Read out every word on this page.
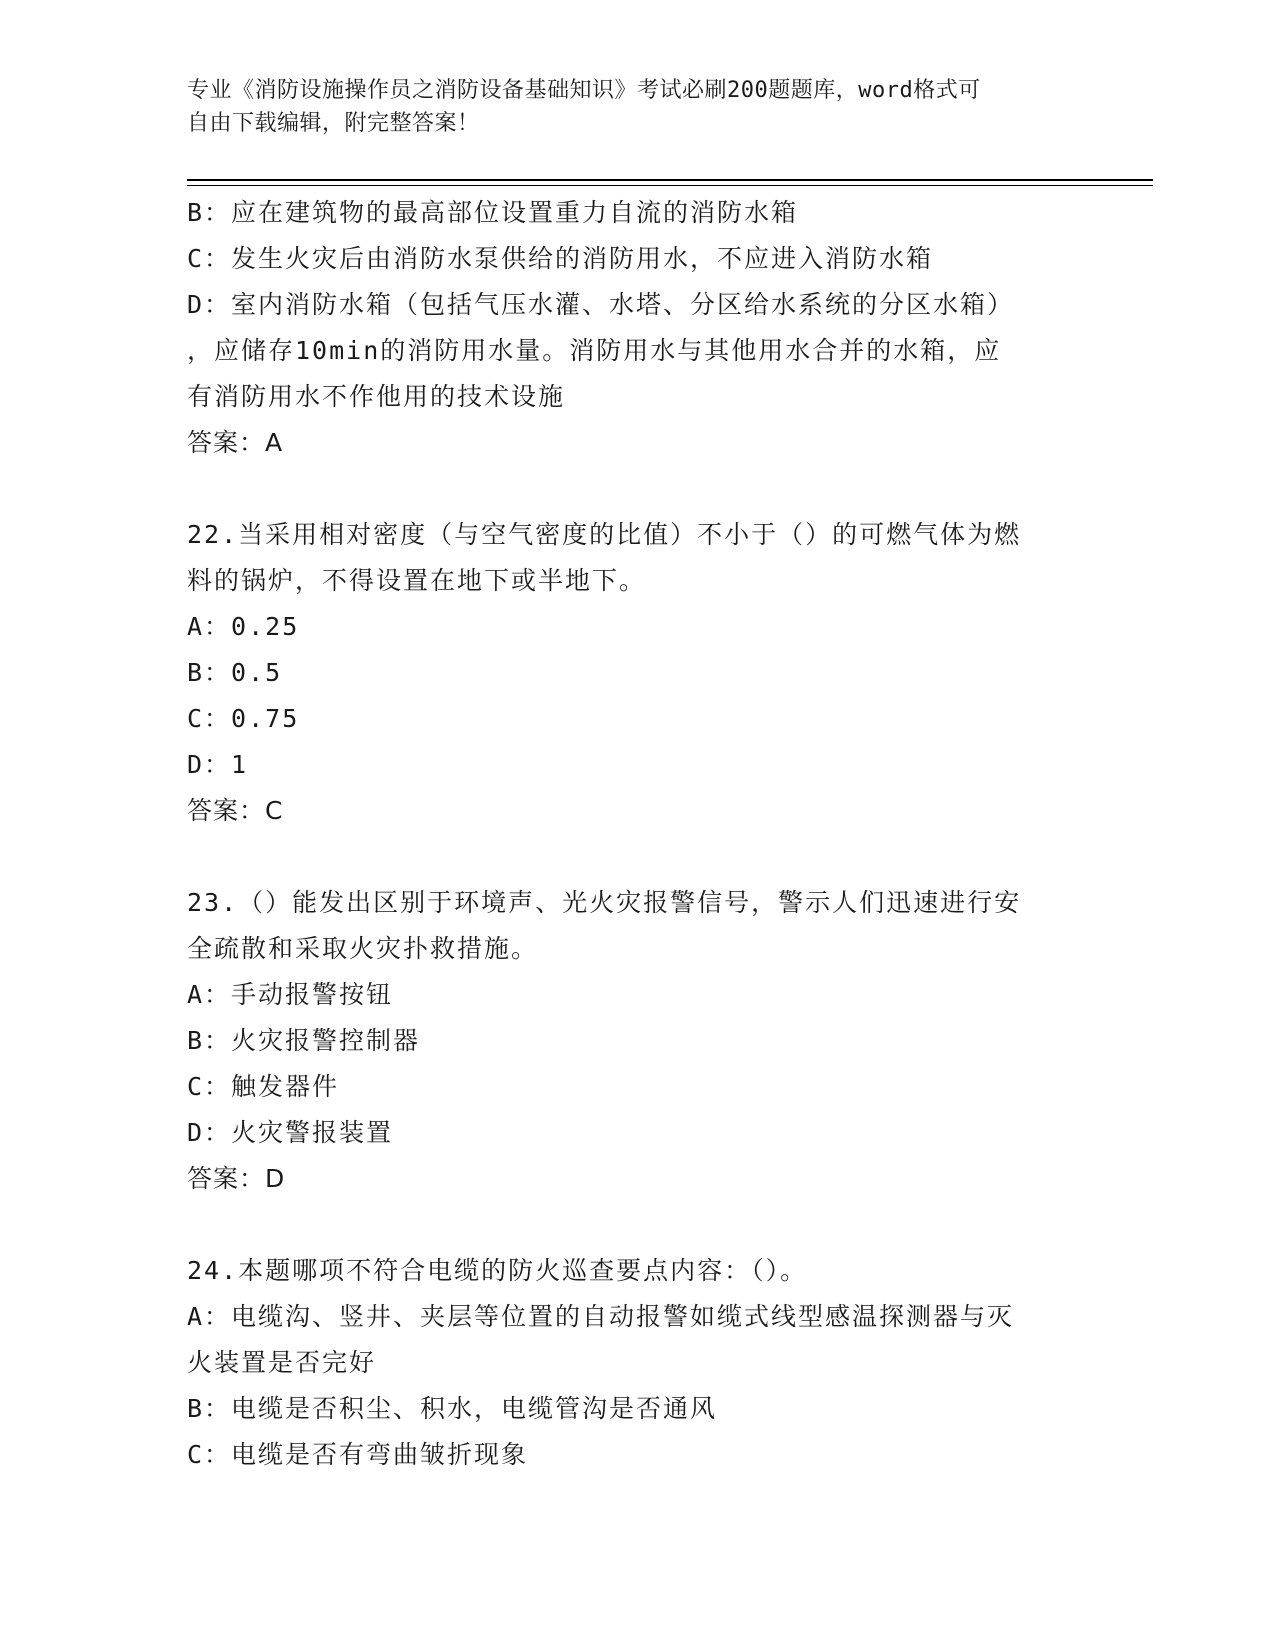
专业《消防设施操作员之消防设备基础知识》考试必刷200题题库，word格式可
自由下载编辑，附完整答案！
B：应在建筑物的最高部位设置重力自流的消防水箱
C：发生火灾后由消防水泵供给的消防用水，不应进入消防水箱
D：室内消防水箱（包括气压水灌、水塔、分区给水系统的分区水箱）
，应储存10min的消防用水量。消防用水与其他用水合并的水箱，应
有消防用水不作他用的技术设施
答案：A
22.当采用相对密度（与空气密度的比值）不小于（）的可燃气体为燃
料的锅炉，不得设置在地下或半地下。
A：0.25
B：0.5
C：0.75
D：1
答案：C
23.（）能发出区别于环境声、光火灾报警信号，警示人们迅速进行安
全疏散和采取火灾扑救措施。
A：手动报警按钮
B：火灾报警控制器
C：触发器件
D：火灾警报装置
答案：D
24.本题哪项不符合电缆的防火巡查要点内容：（）。
A：电缆沟、竖井、夹层等位置的自动报警如缆式线型感温探测器与灭
火装置是否完好
B：电缆是否积尘、积水，电缆管沟是否通风
C：电缆是否有弯曲皱折现象
